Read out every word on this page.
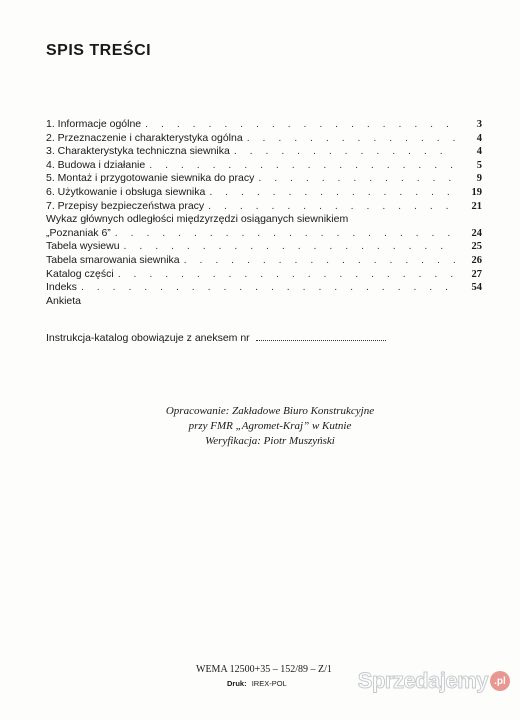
SPIS TREŚCI
1. Informacje ogólne . . .	3
2. Przeznaczenie i charakterystyka ogólna . . .	4
3. Charakterystyka techniczna siewnika . . .	4
4. Budowa i działanie . . .	5
5. Montaż i przygotowanie siewnika do pracy . . .	9
6. Użytkowanie i obsługa siewnika . . .	19
7. Przepisy bezpieczeństwa pracy . . .	21
Wykaz głównych odległości międzyrzędzi osiąganych siewnikiem
„Poznaniak 6” . . .	24
Tabela wysiewu . . .	25
Tabela smarowania siewnika . . .	26
Katalog części . . .	27
Indeks . . .	54
Ankieta
Instrukcja-katalog obowiązuje z aneksem nr
Opracowanie: Zakładowe Biuro Konstrukcyjne
przy FMR „Agromet-Kraj” w Kutnie
Weryfikacja: Piotr Muszyński
WEMA 12500+35 – 152/89 – Z/1
Druk: IREX-POL	Sprzedajemy .pl
